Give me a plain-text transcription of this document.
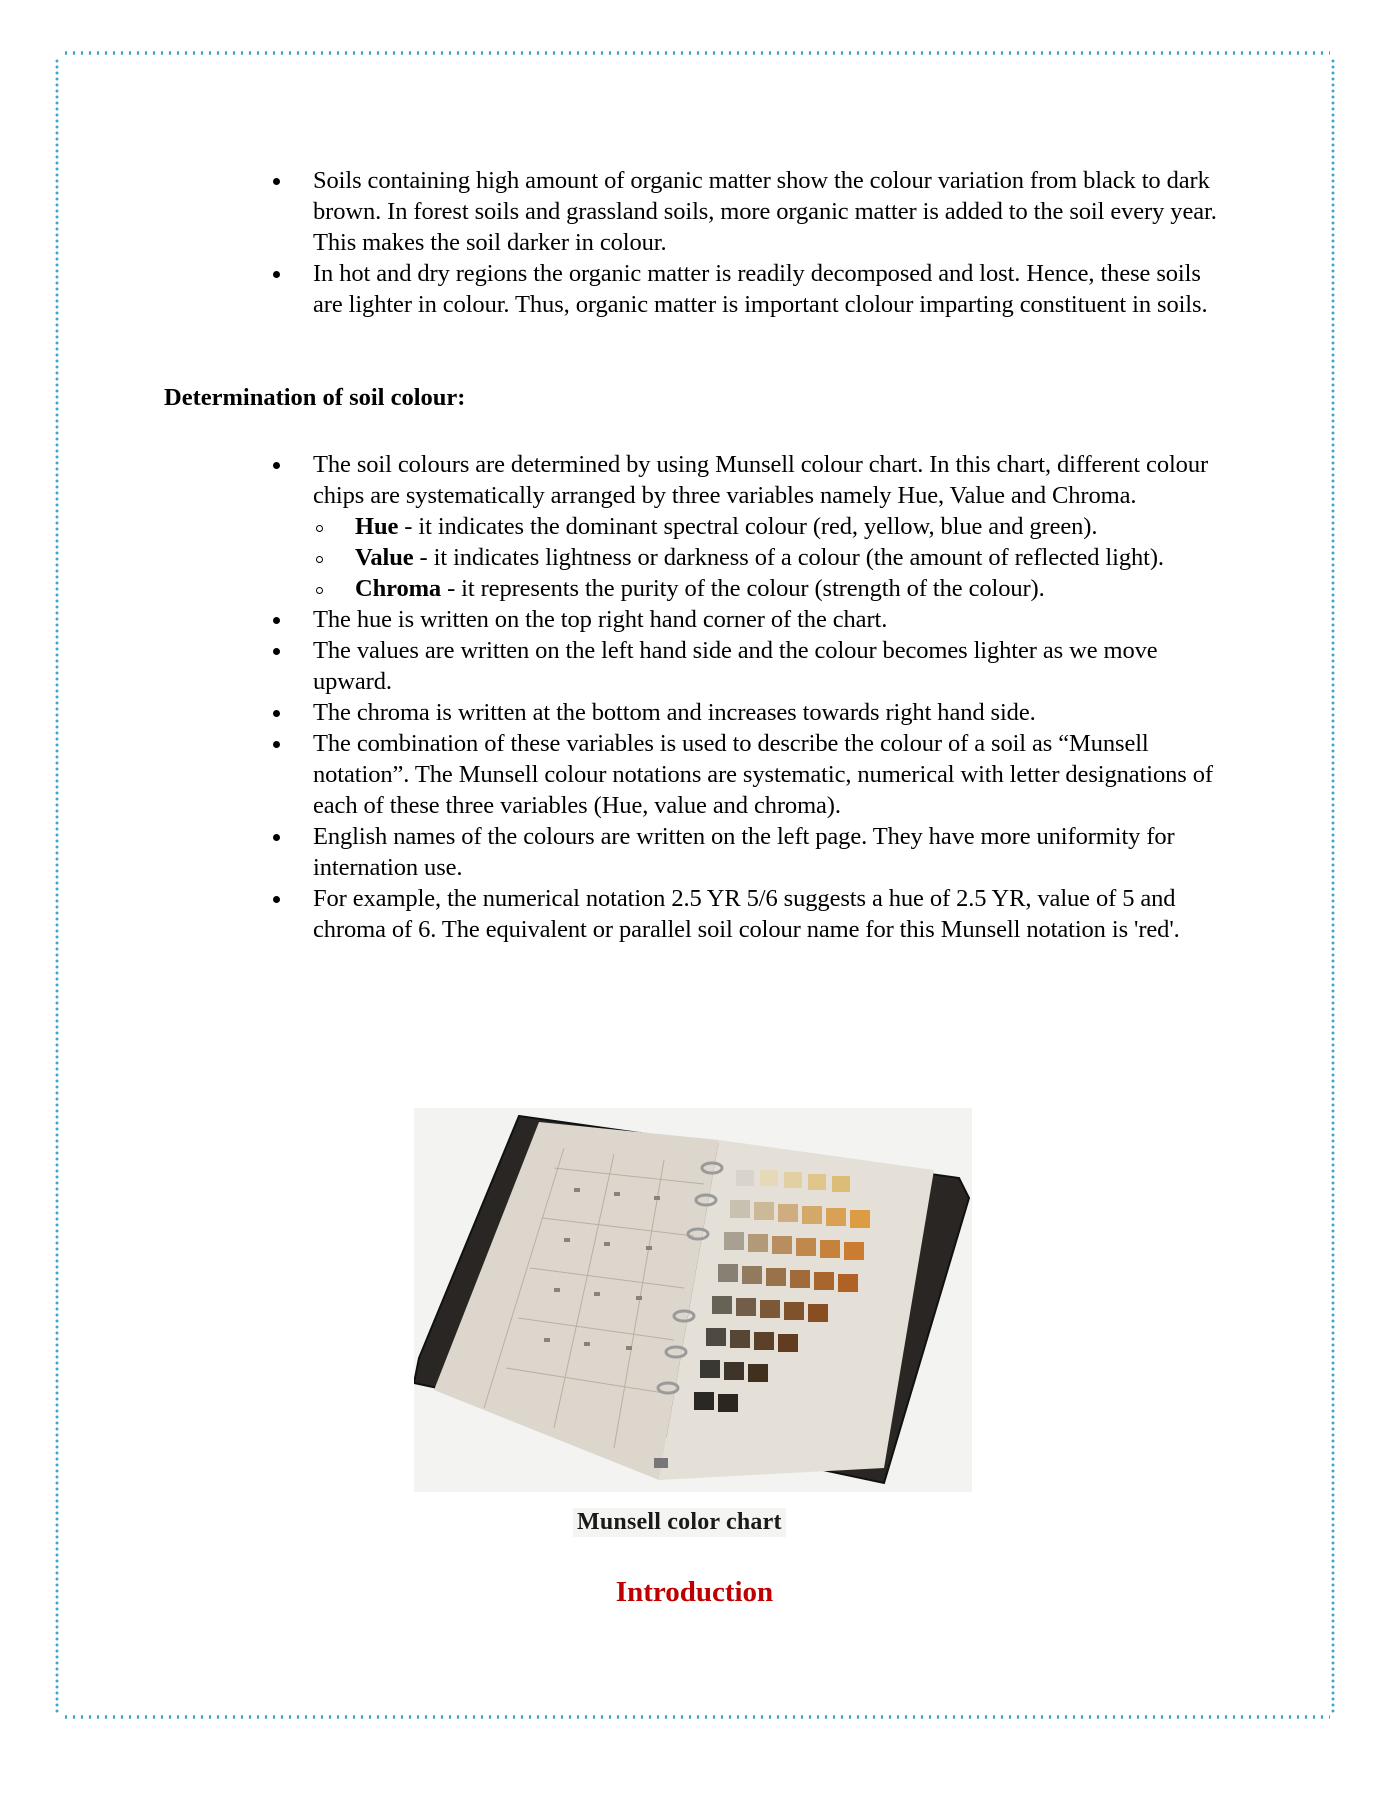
Soils containing high amount of organic matter show the colour variation from black to dark brown. In forest soils and grassland soils, more organic matter is added to the soil every year. This makes the soil darker in colour.
In hot and dry regions the organic matter is readily decomposed and lost. Hence, these soils are lighter in colour. Thus, organic matter is important clolour imparting constituent in soils.
Determination of soil colour:
The soil colours are determined by using Munsell colour chart. In this chart, different colour chips are systematically arranged by three variables namely Hue, Value and Chroma.
Hue - it indicates the dominant spectral colour (red, yellow, blue and green).
Value - it indicates lightness or darkness of a colour (the amount of reflected light).
Chroma - it represents the purity of the colour (strength of the colour).
The hue is written on the top right hand corner of the chart.
The values are written on the left hand side and the colour becomes lighter as we move upward.
The chroma is written at the bottom and increases towards right hand side.
The combination of these variables is used to describe the colour of a soil as “Munsell notation”. The Munsell colour notations are systematic, numerical with letter designations of each of these three variables (Hue, value and chroma).
English names of the colours are written on the left page. They have more uniformity for internation use.
For example, the numerical notation 2.5 YR 5/6 suggests a hue of 2.5 YR, value of 5 and chroma of 6. The equivalent or parallel soil colour name for this Munsell notation is 'red'.
Munsell color chart
Introduction
